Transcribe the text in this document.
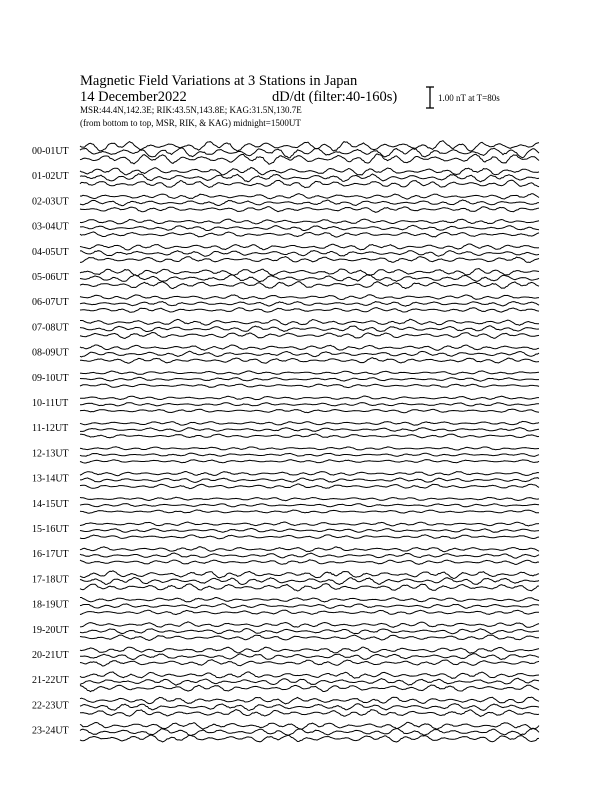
Magnetic Field Variations at 3 Stations in Japan
14 December2022	dD/dt (filter:40-160s)
MSR:44.4N,142.3E; RIK:43.5N,143.8E; KAG:31.5N,130.7E
(from bottom to top, MSR, RIK, & KAG) midnight=1500UT
1.00 nT at T=80s
00-01UT
01-02UT
02-03UT
03-04UT
04-05UT
05-06UT
06-07UT
07-08UT
08-09UT
09-10UT
10-11UT
11-12UT
12-13UT
13-14UT
14-15UT
15-16UT
16-17UT
17-18UT
18-19UT
19-20UT
20-21UT
21-22UT
22-23UT
23-24UT
